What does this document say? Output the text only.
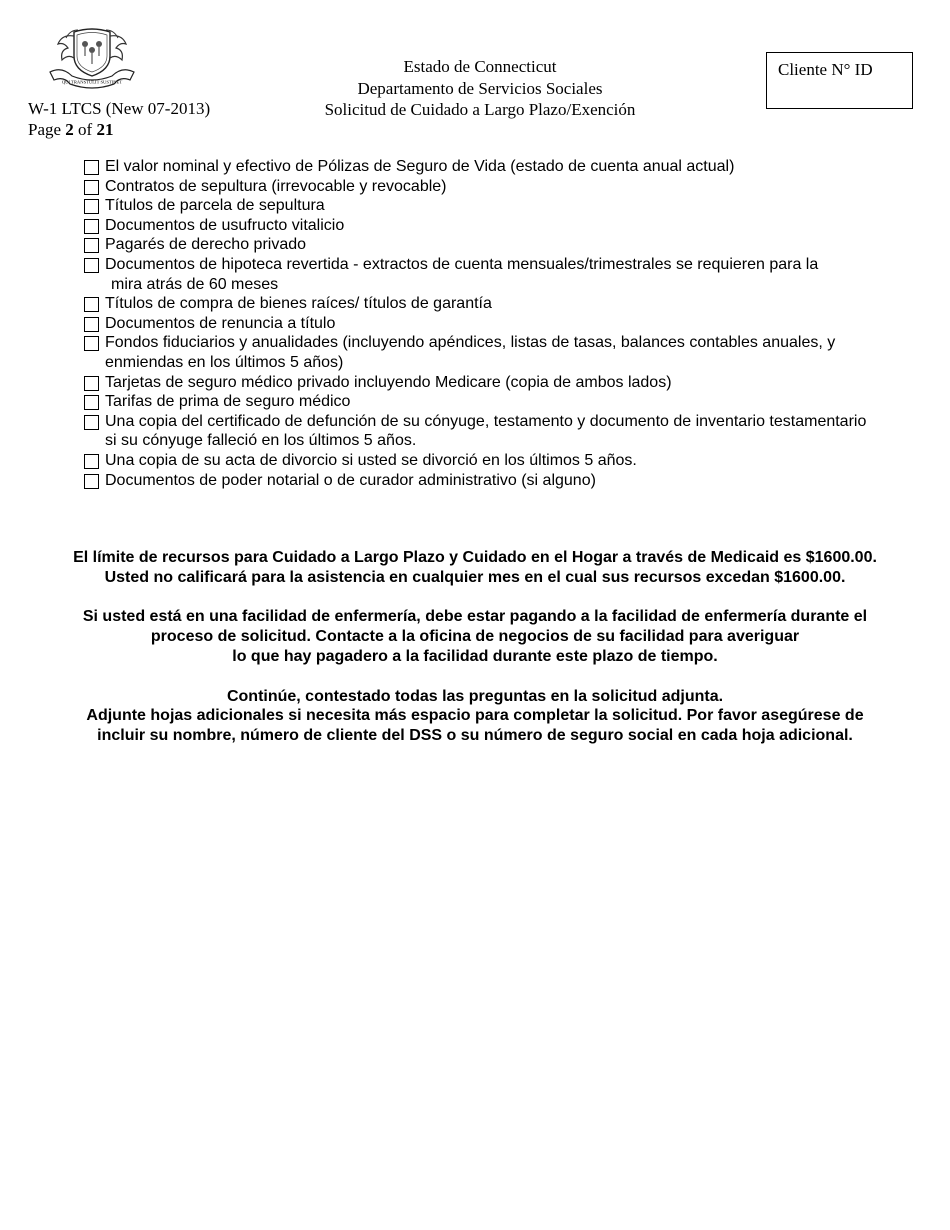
QUI TRANSTULIT SUSTINET
W-1 LTCS (New 07-2013)
Page 2 of 21
Estado de Connecticut
Departamento de Servicios Sociales
Solicitud de Cuidado a Largo Plazo/Exención
Cliente N° ID
El valor nominal y efectivo de Pólizas de Seguro de Vida (estado de cuenta anual actual)
Contratos de sepultura (irrevocable y revocable)
Títulos de parcela de sepultura
Documentos de usufructo vitalicio
Pagarés de derecho privado
Documentos de hipoteca revertida - extractos de cuenta mensuales/trimestrales se requieren para la
mira atrás de 60 meses
Títulos de compra de bienes raíces/ títulos de garantía
Documentos de renuncia a título
Fondos fiduciarios y anualidades (incluyendo apéndices, listas de tasas, balances contables anuales, y
enmiendas en los últimos 5 años)
Tarjetas de seguro médico privado incluyendo Medicare (copia de ambos lados)
Tarifas de prima de seguro médico
Una copia del certificado de defunción de su cónyuge, testamento y documento de inventario testamentario
si su cónyuge falleció en los últimos 5 años.
Una copia de su acta de divorcio si usted se divorció en los últimos 5 años.
Documentos de poder notarial o de curador administrativo (si alguno)

El límite de recursos para Cuidado a Largo Plazo y Cuidado en el Hogar a través de Medicaid es $1600.00.
Usted no calificará para la asistencia en cualquier mes en el cual sus recursos excedan $1600.00.

Si usted está en una facilidad de enfermería, debe estar pagando a la facilidad de enfermería durante el
proceso de solicitud. Contacte a la oficina de negocios de su facilidad para averiguar
lo que hay pagadero a la facilidad durante este plazo de tiempo.

Continúe, contestado todas las preguntas en la solicitud adjunta.
Adjunte hojas adicionales si necesita más espacio para completar la solicitud. Por favor asegúrese de
incluir su nombre, número de cliente del DSS o su número de seguro social en cada hoja adicional.
